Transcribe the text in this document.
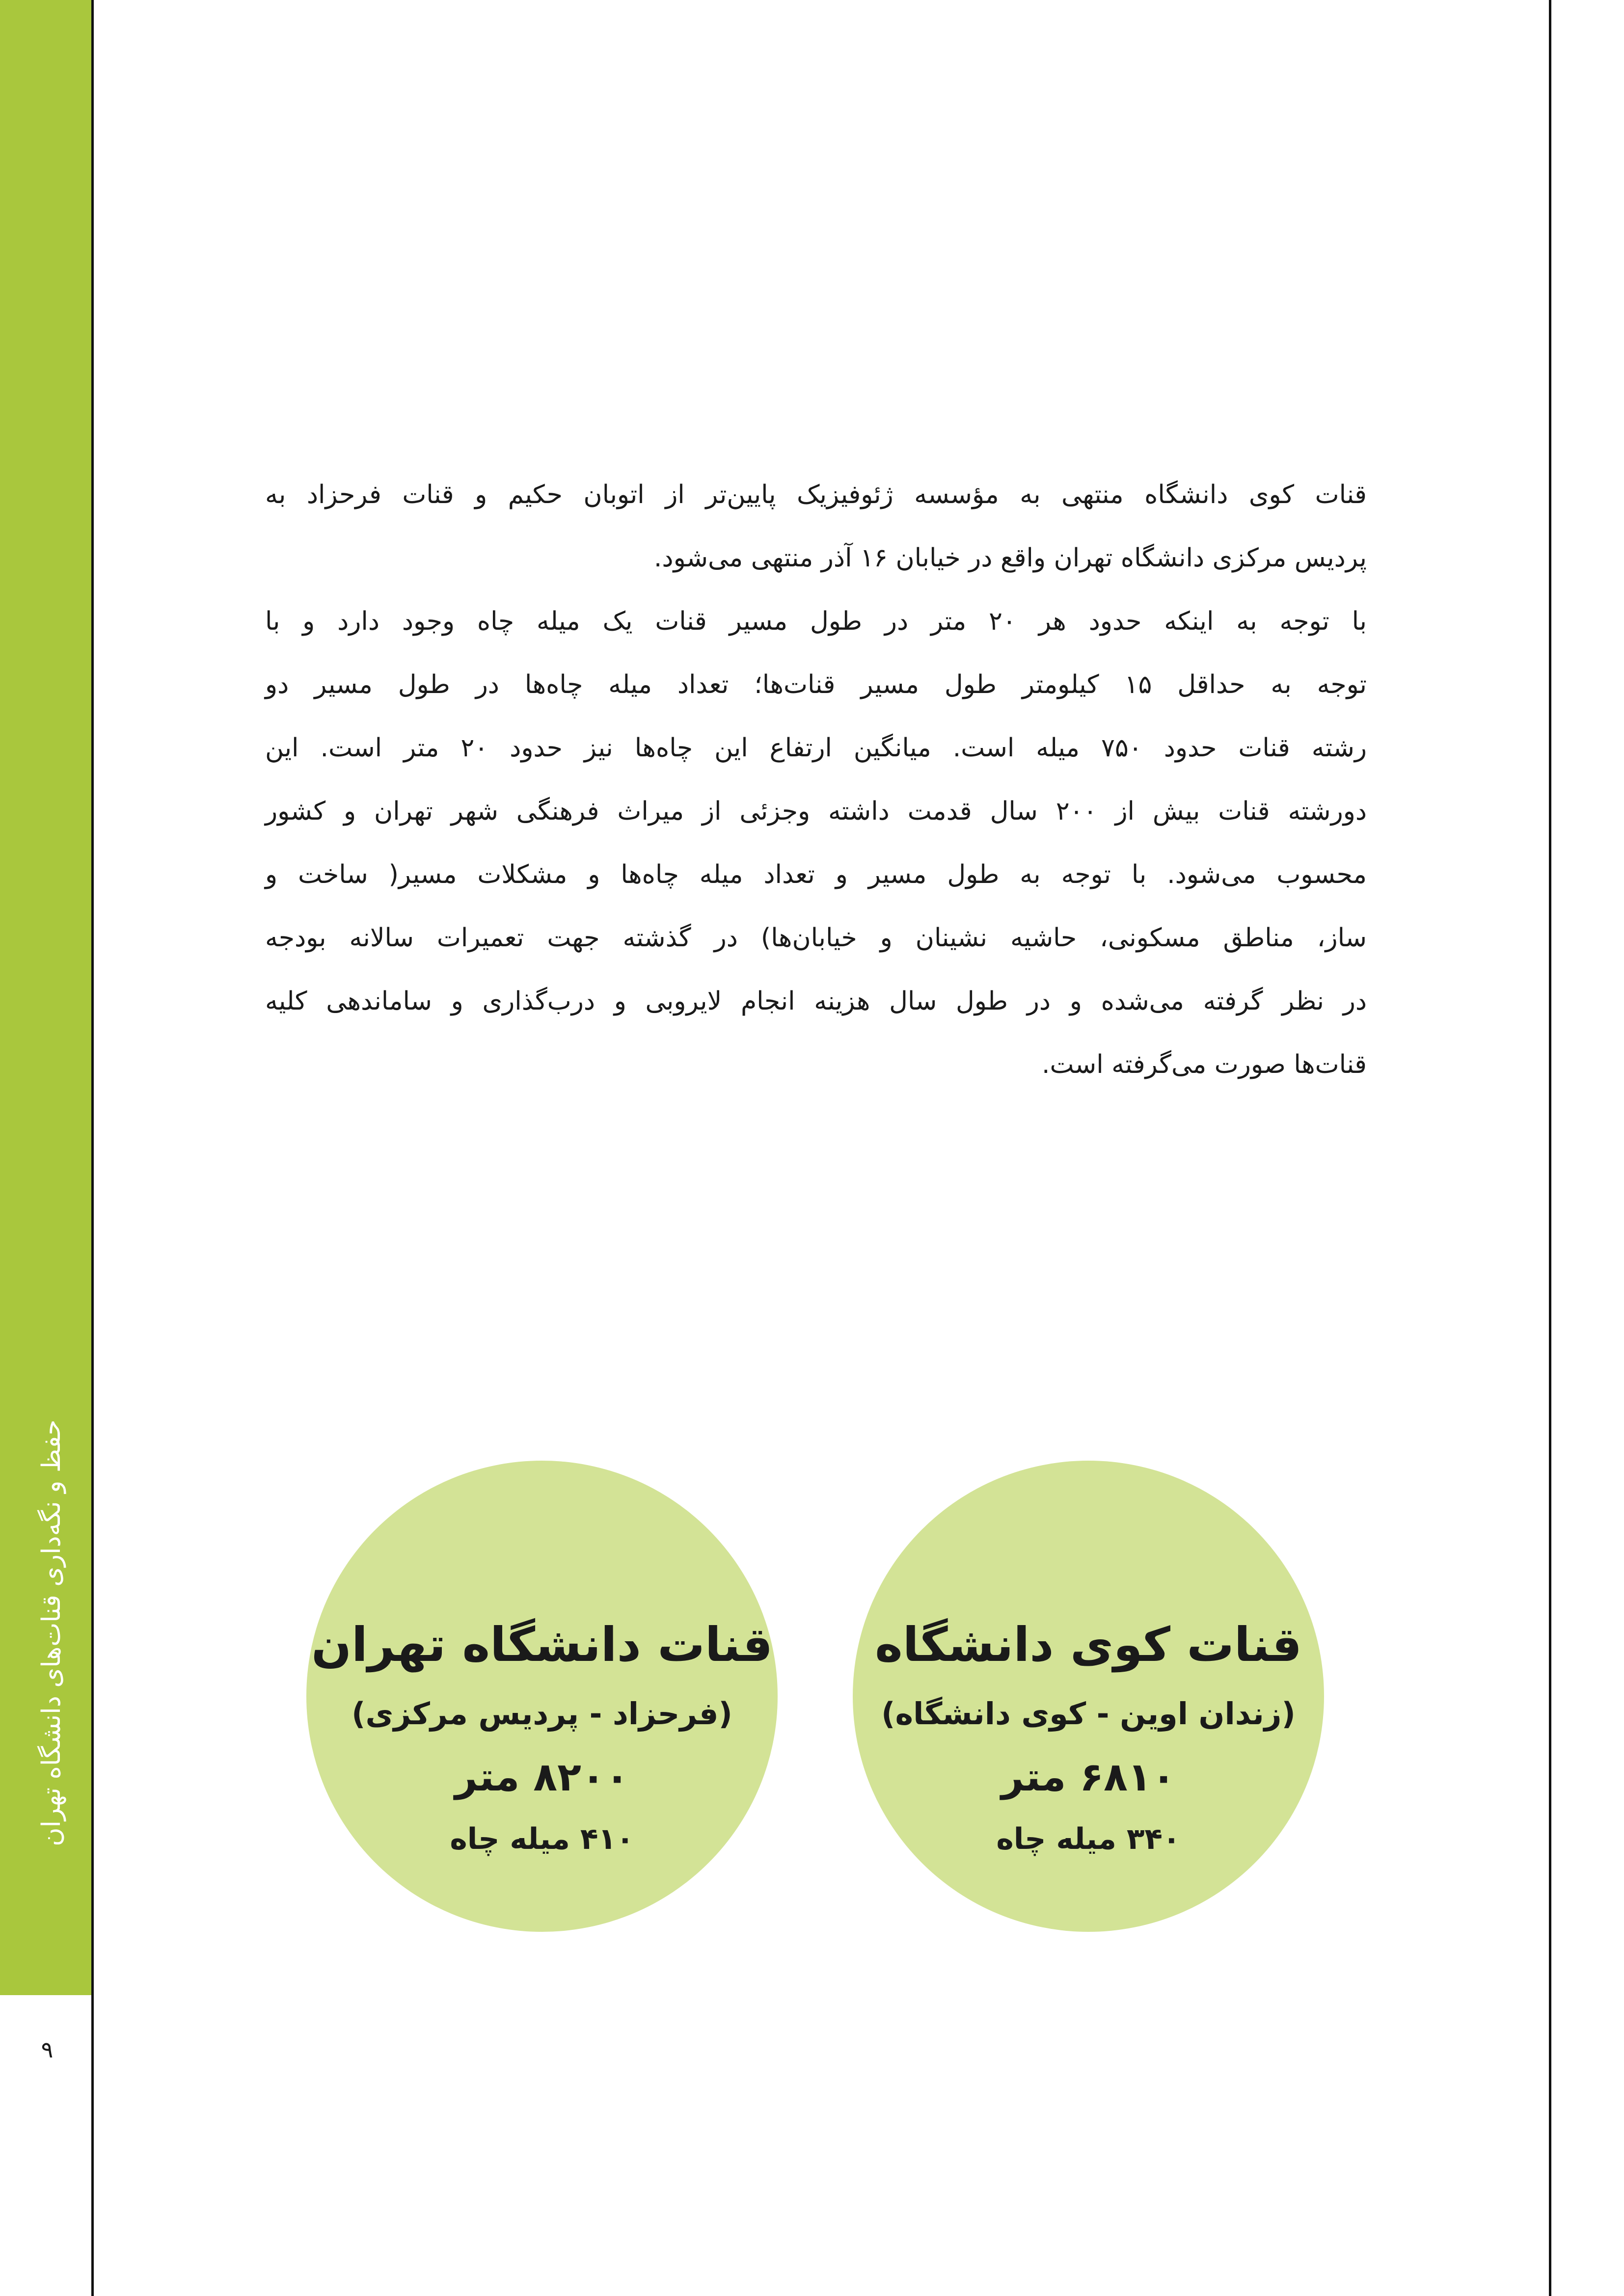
حفظ و نگه‌داری قنات‌های دانشگاه تهران
قنات کوی دانشگاه منتهی به مؤسسه ژئوفیزیک پایین‌تر از اتوبان حکیم و قنات فرحزاد به
پردیس مرکزی دانشگاه تهران واقع در خیابان ۱۶ آذر منتهی می‌شود.
با توجه به اینکه حدود هر ۲۰ متر در طول مسیر قنات یک میله چاه وجود دارد و با
توجه به حداقل ۱۵ کیلومتر طول مسیر قنات‌ها؛ تعداد میله چاه‌ها در طول مسیر دو
رشته قنات حدود ۷۵۰ میله است. میانگین ارتفاع این چاه‌ها نیز حدود ۲۰ متر است. این
دورشته قنات بیش از ۲۰۰ سال قدمت داشته وجزئی از میراث فرهنگی شهر تهران و کشور
محسوب می‌شود. با توجه به طول مسیر و تعداد میله چاه‌ها و مشکلات مسیر( ساخت و
ساز، مناطق مسکونی، حاشیه نشینان و خیابان‌ها) در گذشته جهت تعمیرات سالانه بودجه
در نظر گرفته می‌شده و در طول سال هزینه انجام لایروبی و درب‌گذاری و ساماندهی کلیه
قنات‌ها صورت می‌گرفته است.
قنات کوی دانشگاه
(زندان اوین - کوی دانشگاه)
۶۸۱۰ متر
۳۴۰ میله چاه
قنات دانشگاه تهران
(فرحزاد - پردیس مرکزی)
۸۲۰۰ متر
۴۱۰ میله چاه
۹
